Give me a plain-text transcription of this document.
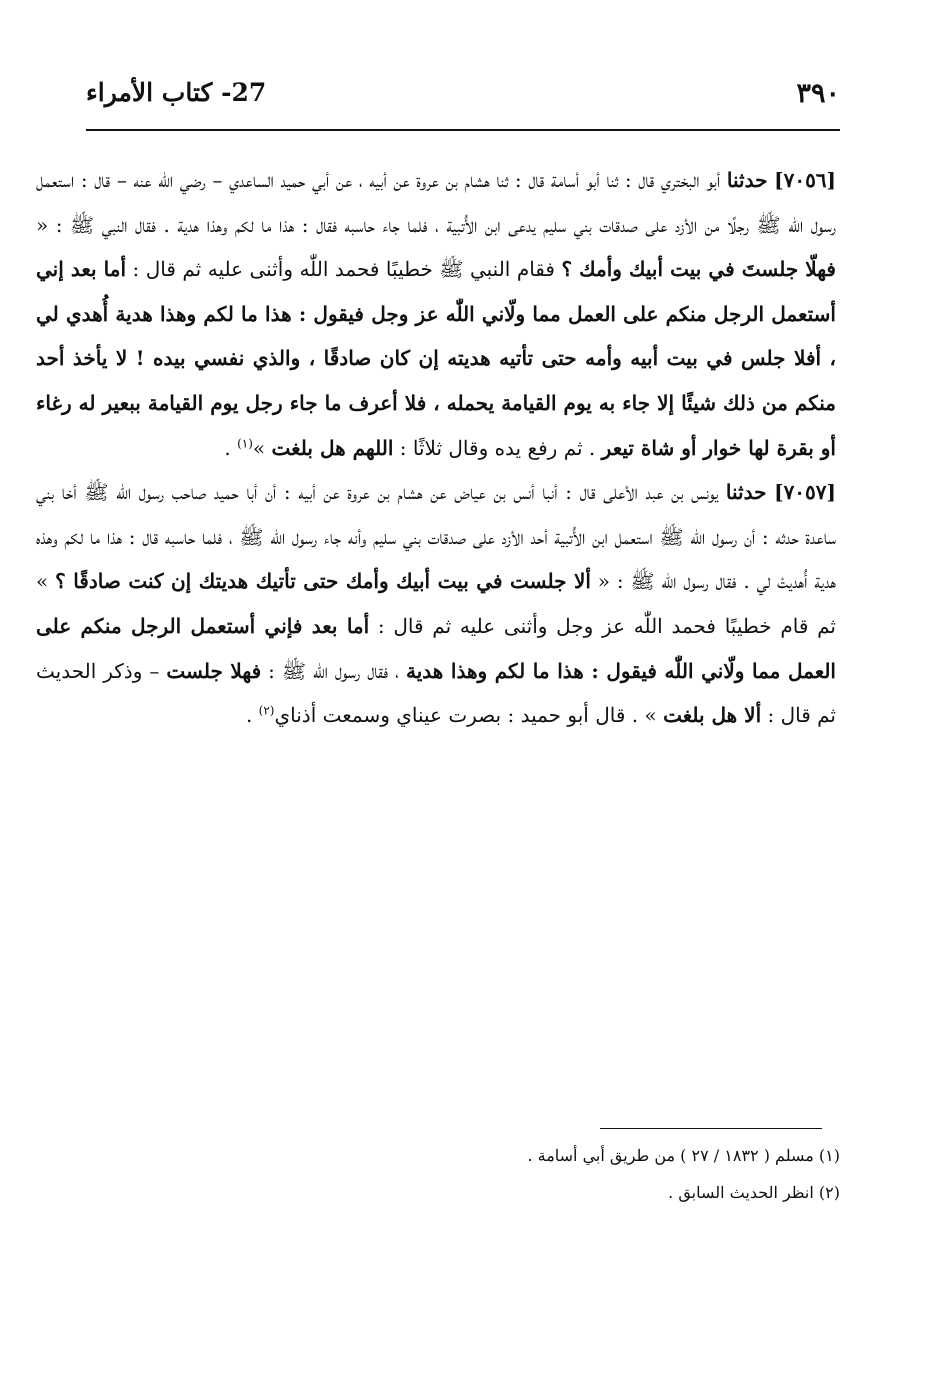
٣٩٠
27- كتاب الأمراء

[٧٠٥٦] حدثنا أبو البختري قال : ثنا أبو أسامة قال : ثنا هشام بن عروة عن أبيه ، عن أبي حميد الساعدي – رضي اللّٰه عنه – قال : استعمل رسول اللّٰه ﷺ رجلًا من الأزد على صدقات بني سليم يدعى ابن الأُتبية ، فلما جاء حاسبه فقال : هذا ما لكم وهذا هدية . فقال النبي ﷺ : « فهلّا جلستَ في بيت أبيك وأمك ؟ فقام النبي ﷺ خطيبًا فحمد اللّٰه وأثنى عليه ثم قال : أما بعد إني أستعمل الرجل منكم على العمل مما ولّاني اللّٰه عز وجل فيقول : هذا ما لكم وهذا هدية أُهدي لي ، أفلا جلس في بيت أبيه وأمه حتى تأتيه هديته إن كان صادقًا ، والذي نفسي بيده ! لا يأخذ أحد منكم من ذلك شيئًا إلا جاء به يوم القيامة يحمله ، فلا أعرف ما جاء رجل يوم القيامة ببعير له رغاء أو بقرة لها خوار أو شاة تيعر . ثم رفع يده وقال ثلاثًا : اللهم هل بلغت »$^{(١)}$ .

[٧٠٥٧] حدثنا يونس بن عبد الأعلى قال : أنبا أنس بن عياض عن هشام بن عروة عن أبيه : أن أبا حميد صاحب رسول اللّٰه ﷺ أخا بني ساعدة حدثه : أن رسول اللّٰه ﷺ استعمل ابن الأُتبية أحد الأزد على صدقات بني سليم وأنه جاء رسول اللّٰه ﷺ ، فلما حاسبه قال : هذا ما لكم وهذه هدية أُهديتْ لي . فقال رسول اللّٰه ﷺ : « ألا جلست في بيت أبيك وأمك حتى تأتيك هديتك إن كنت صادقًا ؟ » ثم قام خطيبًا فحمد اللّٰه عز وجل وأثنى عليه ثم قال : أما بعد فإني أستعمل الرجل منكم على العمل مما ولّاني اللّٰه فيقول : هذا ما لكم وهذا هدية ، فقال رسول اللّٰه ﷺ : فهلا جلست – وذكر الحديث ثم قال : ألا هل بلغت » . قال أبو حميد : بصرت عيناي وسمعت أذناي$^{(٢)}$ .

(١) مسلم ( ١٨٣٢ / ٢٧ ) من طريق أبي أسامة .

(٢) انظر الحديث السابق .
